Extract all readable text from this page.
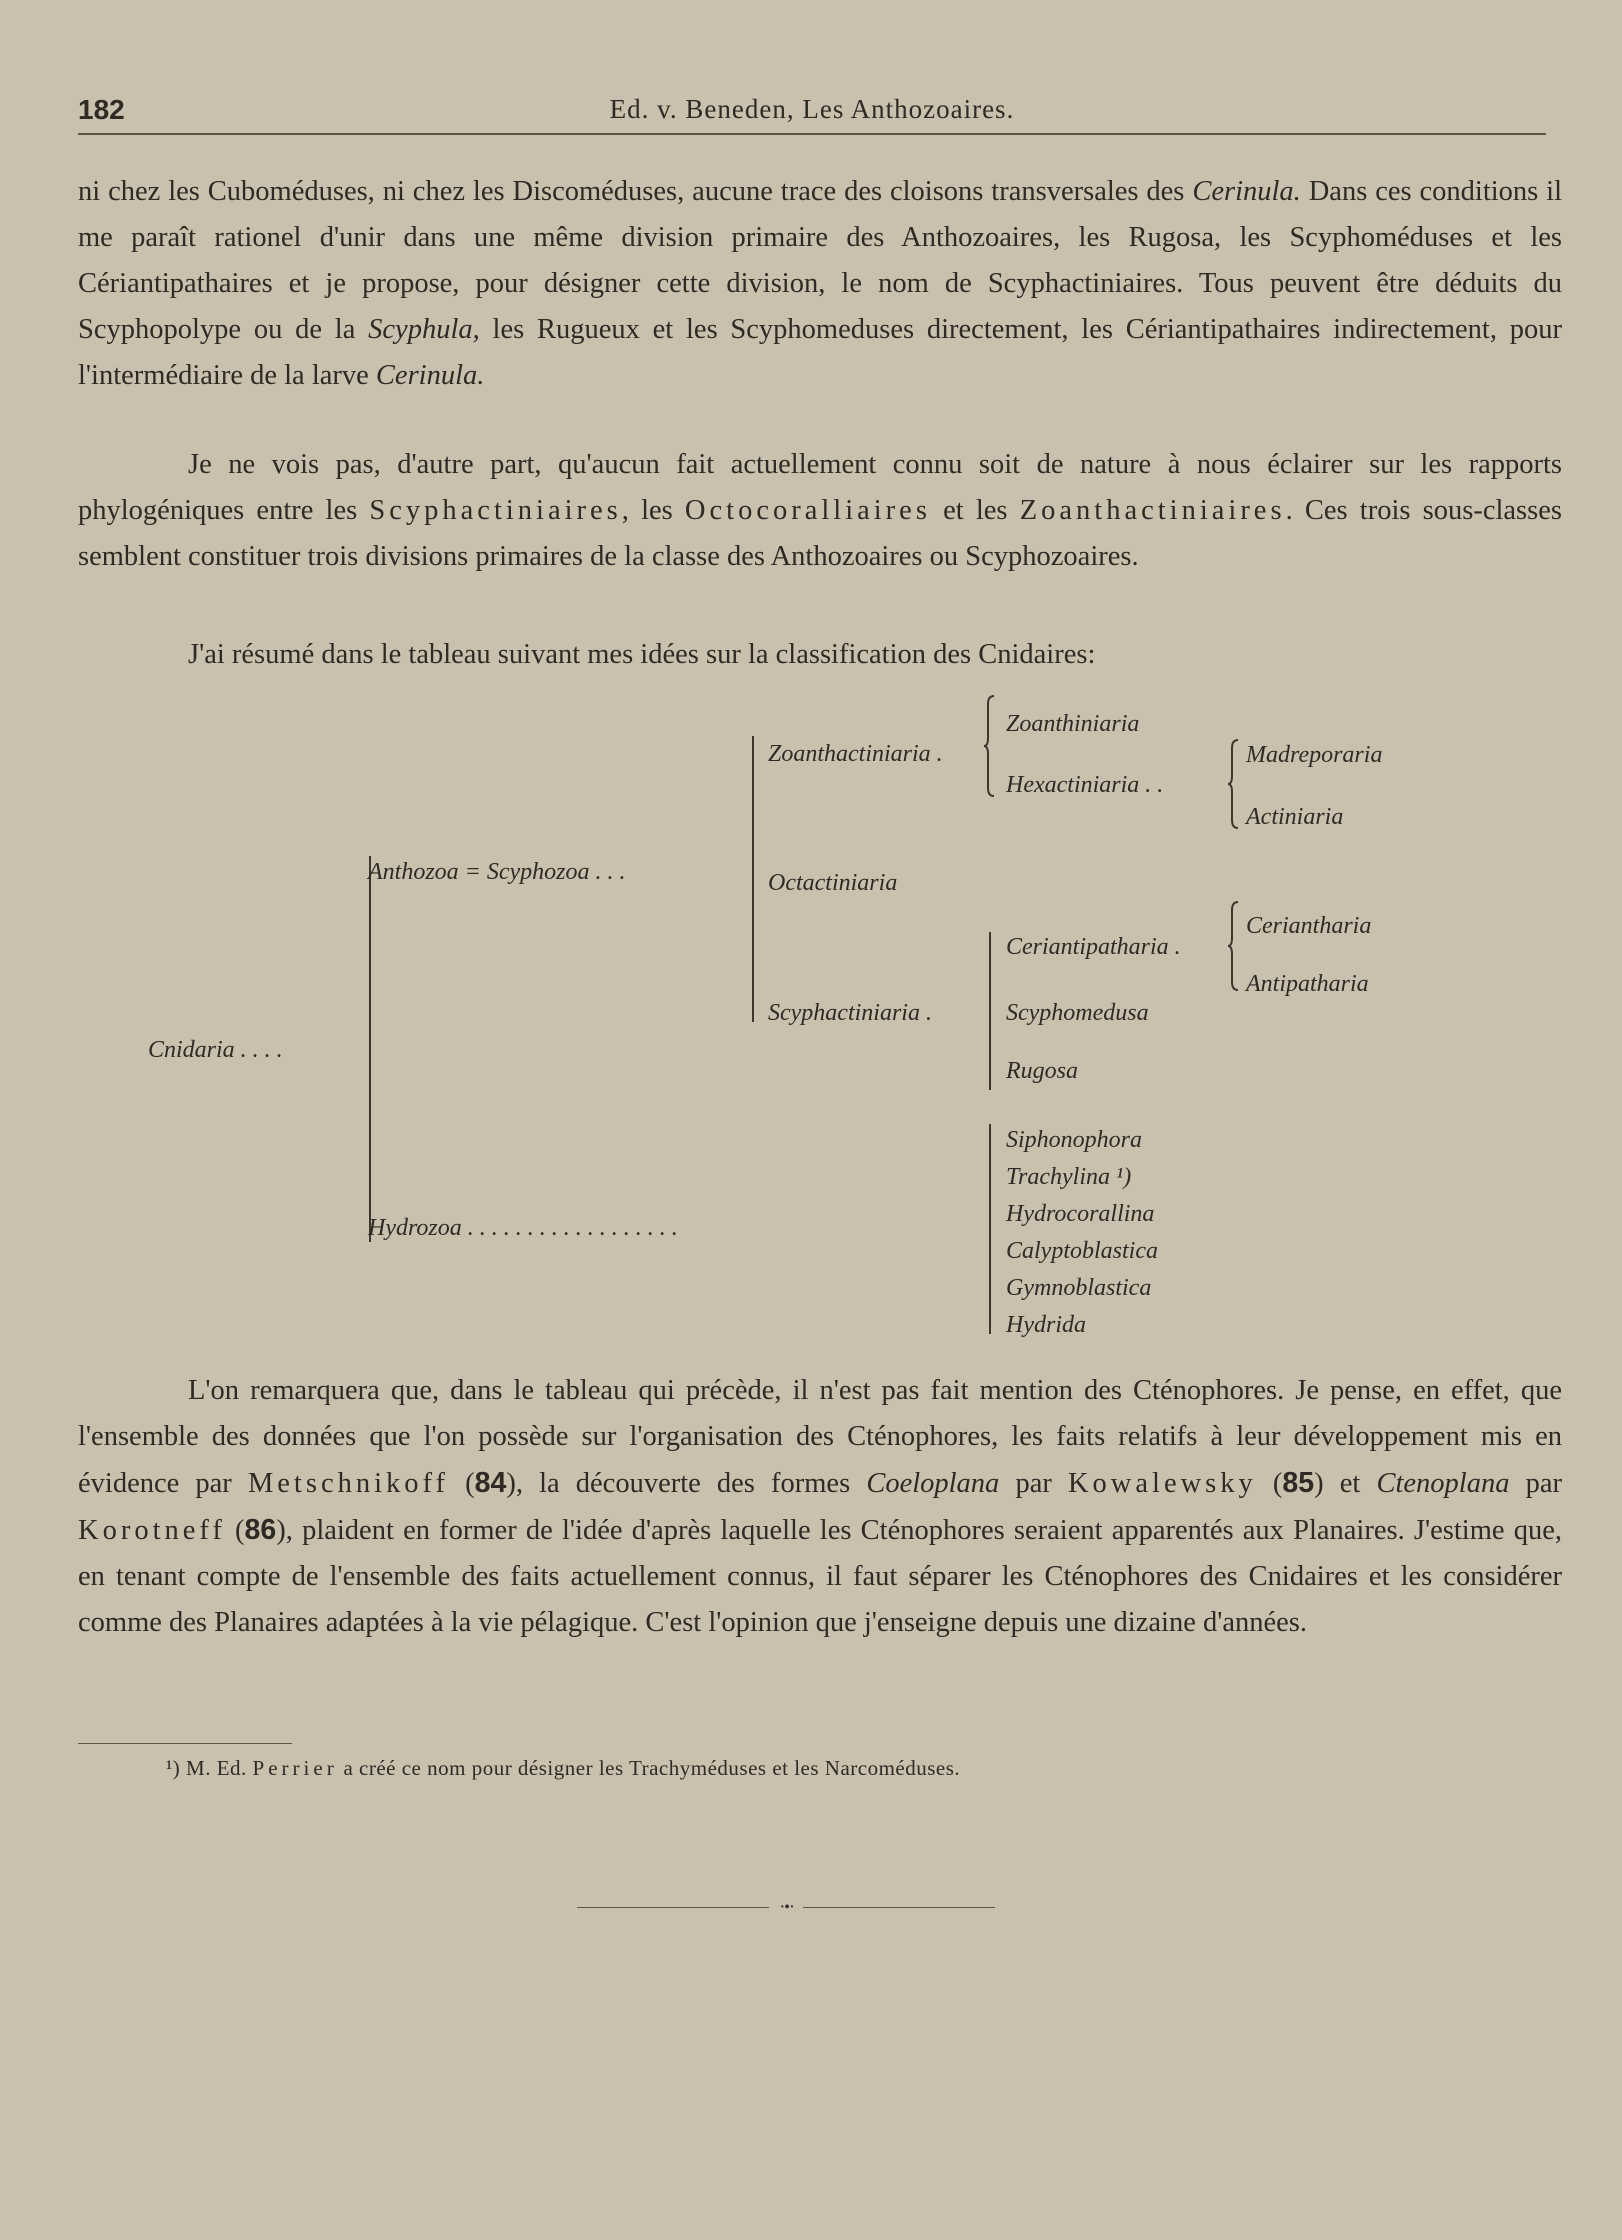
Ed. v. Beneden, Les Anthozoaires.
182

ni chez les Cuboméduses, ni chez les Discoméduses, aucune trace des cloisons transversales des Cerinula. Dans ces conditions il me paraît rationel d'unir dans une même division primaire des Anthozoaires, les Rugosa, les Scyphoméduses et les Cériantipathaires et je propose, pour désigner cette division, le nom de Scyphactiniaires. Tous peuvent être déduits du Scyphopolype ou de la Scyphula, les Rugueux et les Scyphomeduses directement, les Cériantipathaires indirectement, pour l'intermédiaire de la larve Cerinula.

Je ne vois pas, d'autre part, qu'aucun fait actuellement connu soit de nature à nous éclairer sur les rapports phylogéniques entre les Scyphactiniaires, les Octocoralliaires et les Zoanthactiniaires. Ces trois sous-classes semblent constituer trois divisions primaires de la classe des Anthozoaires ou Scyphozoaires.

J'ai résumé dans le tableau suivant mes idées sur la classification des Cnidaires:

Cnidaria . . . .
Anthozoa = Scyphozoa . . .
Hydrozoa . . . . . . . . . . . . . . . . . .
Zoanthactiniaria .
Octactiniaria
Scyphactiniaria .
Zoanthiniaria
Hexactiniaria . .
Madreporaria
Actiniaria
Ceriantipatharia .
Scyphomedusa
Rugosa
Ceriantharia
Antipatharia
Siphonophora
Trachylina ¹)
Hydrocorallina
Calyptoblastica
Gymnoblastica
Hydrida

L'on remarquera que, dans le tableau qui précède, il n'est pas fait mention des Cténophores. Je pense, en effet, que l'ensemble des données que l'on possède sur l'organisation des Cténophores, les faits relatifs à leur développement mis en évidence par Metschnikoff (84), la découverte des formes Coeloplana par Kowalewsky (85) et Ctenoplana par Korotneff (86), plaident en former de l'idée d'après laquelle les Cténophores seraient apparentés aux Planaires. J'estime que, en tenant compte de l'ensemble des faits actuellement connus, il faut séparer les Cténophores des Cnidaires et les considérer comme des Planaires adaptées à la vie pélagique. C'est l'opinion que j'enseigne depuis une dizaine d'années.

¹) M. Ed. Perrier a créé ce nom pour désigner les Trachyméduses et les Narcoméduses.
·•·
